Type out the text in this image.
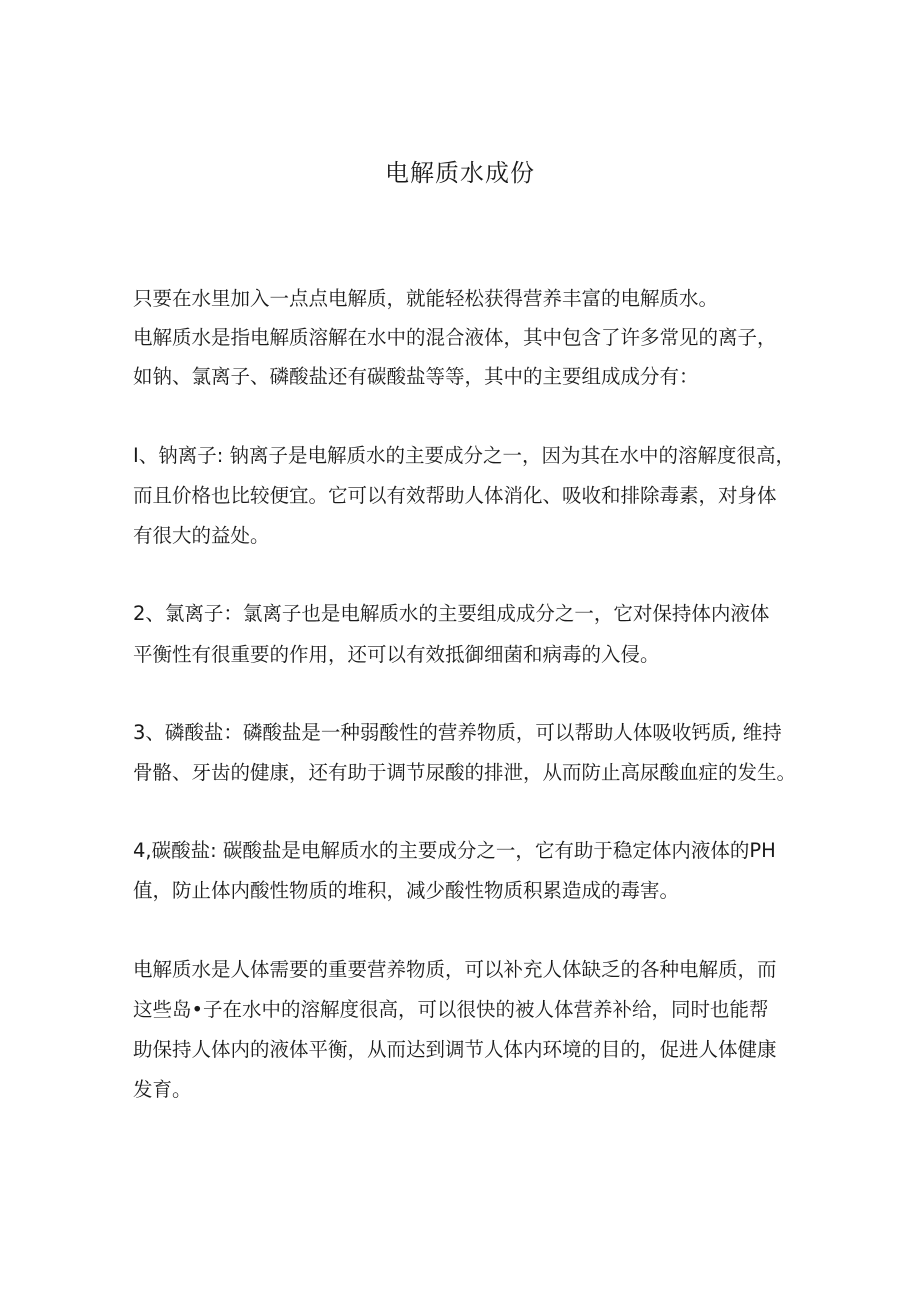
电解质水成份

只要在水里加入一点点电解质，就能轻松获得营养丰富的电解质水。

电解质水是指电解质溶解在水中的混合液体，其中包含了许多常见的离子，

如钠、氯离子、磷酸盐还有碳酸盐等等，其中的主要组成成分有：

I、钠离子: 钠离子是电解质水的主要成分之一，因为其在水中的溶解度很高，

而且价格也比较便宜。它可以有效帮助人体消化、吸收和排除毒素，对身体

有很大的益处。

2、氯离子：氯离子也是电解质水的主要组成成分之一，它对保持体内液体

平衡性有很重要的作用，还可以有效抵御细菌和病毒的入侵。

3、磷酸盐：磷酸盐是一种弱酸性的营养物质，可以帮助人体吸收钙质, 维持

骨骼、牙齿的健康，还有助于调节尿酸的排泄，从而防止高尿酸血症的发生。

4,碳酸盐: 碳酸盐是电解质水的主要成分之一，它有助于稳定体内液体的PH

值，防止体内酸性物质的堆积，减少酸性物质积累造成的毒害。

电解质水是人体需要的重要营养物质，可以补充人体缺乏的各种电解质，而

这些岛•子在水中的溶解度很高，可以很快的被人体营养补给，同时也能帮

助保持人体内的液体平衡，从而达到调节人体内环境的目的，促进人体健康

发育。
